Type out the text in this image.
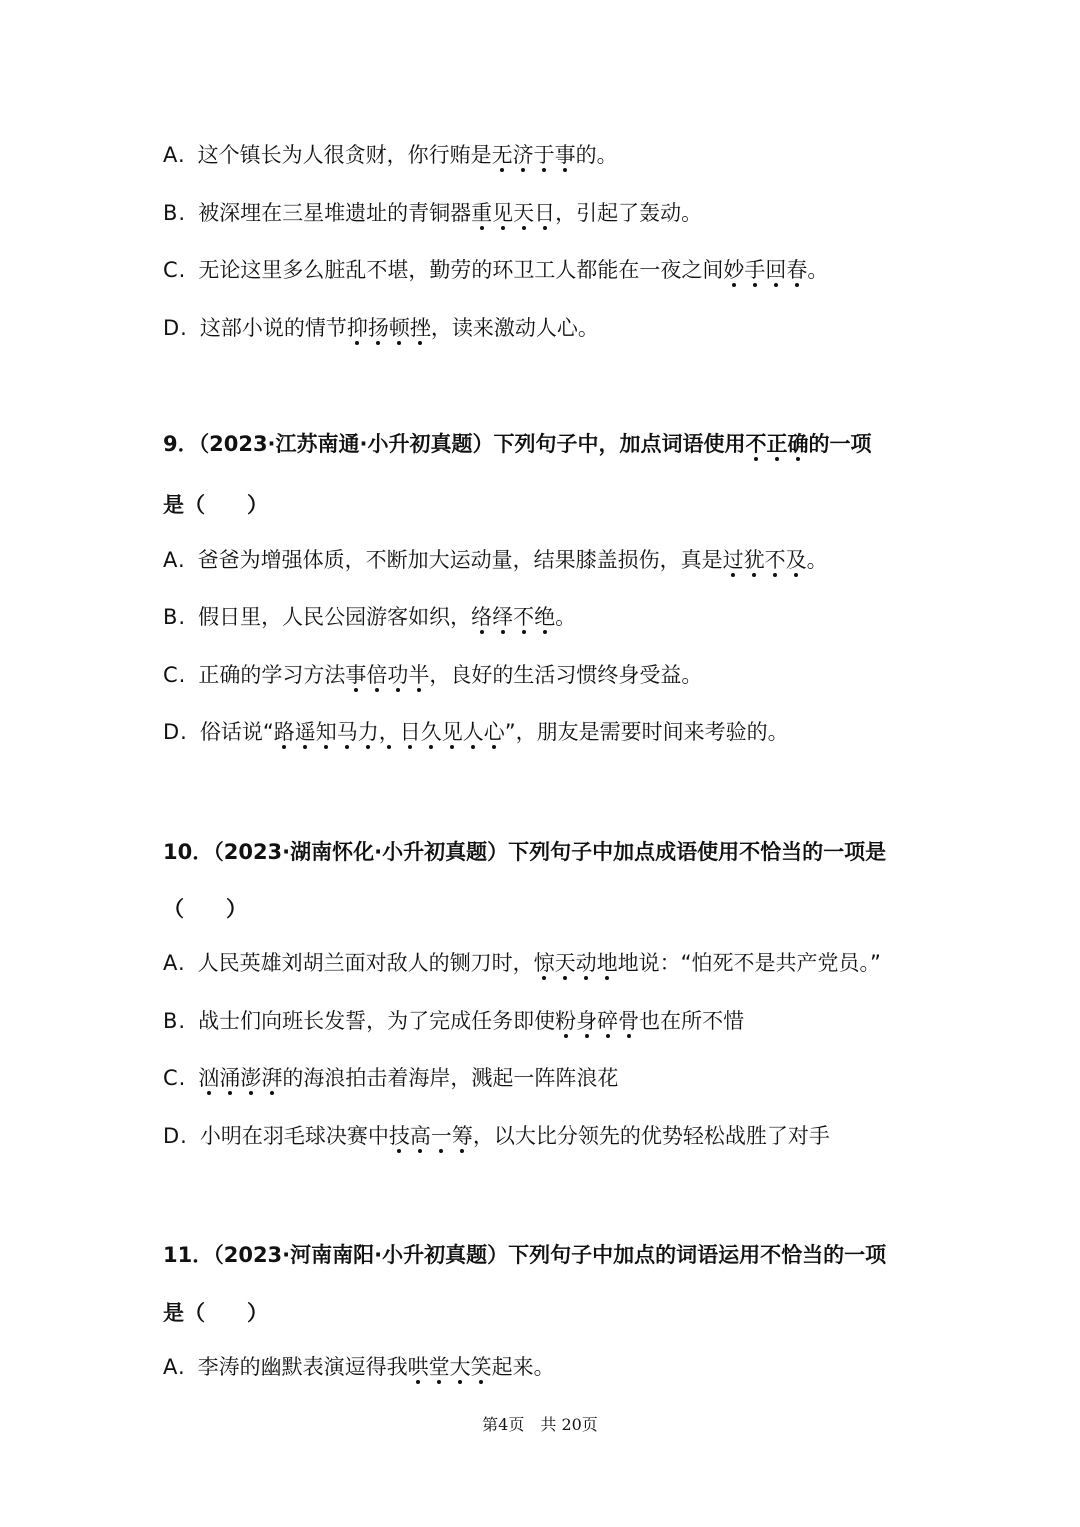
A. 这个镇长为人很贪财，你行贿是无济于事的。
B. 被深埋在三星堆遗址的青铜器重见天日，引起了轰动。
C. 无论这里多么脏乱不堪，勤劳的环卫工人都能在一夜之间妙手回春。
D. 这部小说的情节抑扬顿挫，读来激动人心。
9．（2023·江苏南通·小升初真题）下列句子中，加点词语使用不正确的一项
是（　　）
A. 爸爸为增强体质，不断加大运动量，结果膝盖损伤，真是过犹不及。
B. 假日里，人民公园游客如织，络绎不绝。
C. 正确的学习方法事倍功半，良好的生活习惯终身受益。
D. 俗话说“路遥知马力，日久见人心”，朋友是需要时间来考验的。
10．（2023·湖南怀化·小升初真题）下列句子中加点成语使用不恰当的一项是
（　　）
A. 人民英雄刘胡兰面对敌人的铡刀时，惊天动地地说：“怕死不是共产党员。”
B. 战士们向班长发誓，为了完成任务即使粉身碎骨也在所不惜
C. 汹涌澎湃的海浪拍击着海岸，溅起一阵阵浪花
D. 小明在羽毛球决赛中技高一筹，以大比分领先的优势轻松战胜了对手
11．（2023·河南南阳·小升初真题）下列句子中加点的词语运用不恰当的一项
是（　　）
A. 李涛的幽默表演逗得我哄堂大笑起来。
第4页　共 20页
